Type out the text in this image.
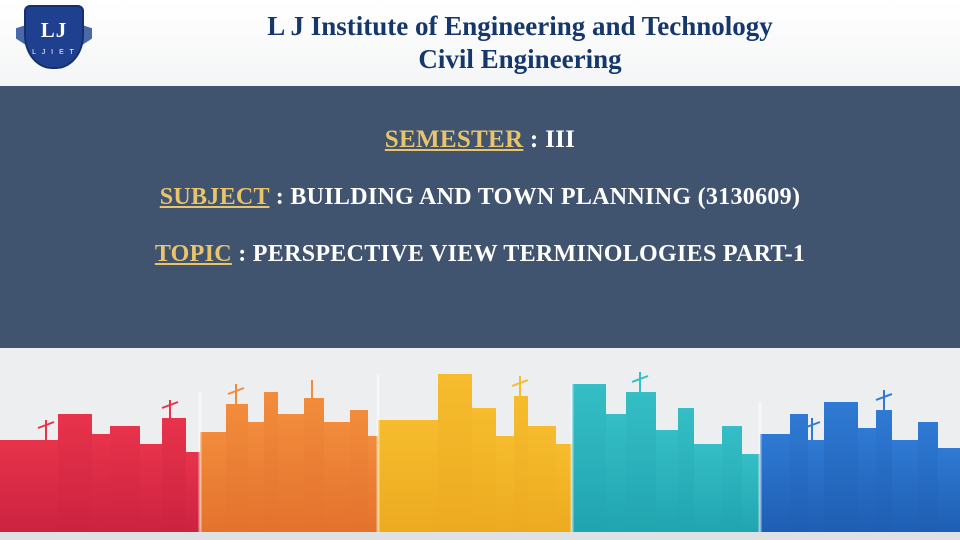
LJ
L J I E T
L J Institute of Engineering and Technology
Civil Engineering
SEMESTER : III
SUBJECT : BUILDING AND TOWN PLANNING (3130609)
TOPIC : PERSPECTIVE VIEW TERMINOLOGIES PART-1
